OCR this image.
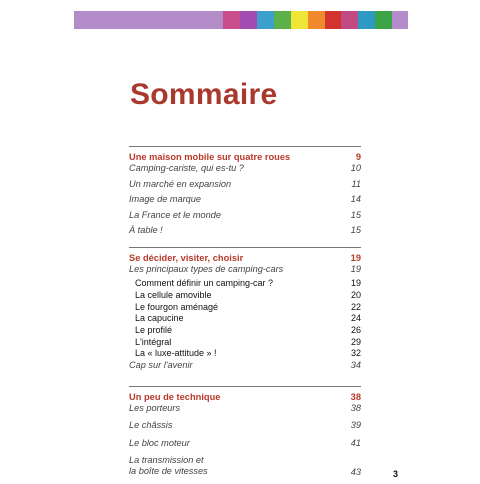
Sommaire
Une maison mobile sur quatre roues	9
Camping-cariste, qui es-tu ?	10
Un marché en expansion	11
Image de marque	14
La France et le monde	15
À table !	15
Se décider, visiter, choisir	19
Les principaux types de camping-cars	19
Comment définir un camping-car ?	19
La cellule amovible	20
Le fourgon aménagé	22
La capucine	24
Le profilé	26
L'intégral	29
La « luxe-attitude » !	32
Cap sur l'avenir	34
Un peu de technique	38
Les porteurs	38
Le châssis	39
Le bloc moteur	41
La transmission et
la boîte de vitesses	43	3
